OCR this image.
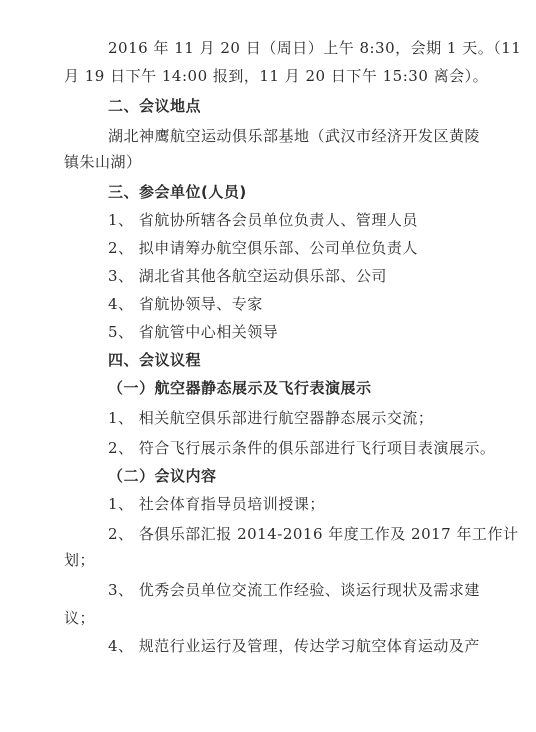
2016 年 11 月 20 日（周日）上午 8:30，会期 1 天。（11
月 19 日下午 14:00 报到，11 月 20 日下午 15:30 离会）。
二、会议地点
湖北神鹰航空运动俱乐部基地（武汉市经济开发区黄陵
镇朱山湖）
三、参会单位(人员)
1、 省航协所辖各会员单位负责人、管理人员
2、 拟申请筹办航空俱乐部、公司单位负责人
3、 湖北省其他各航空运动俱乐部、公司
4、 省航协领导、专家
5、 省航管中心相关领导
四、会议议程
（一）航空器静态展示及飞行表演展示
1、 相关航空俱乐部进行航空器静态展示交流；
2、 符合飞行展示条件的俱乐部进行飞行项目表演展示。
（二）会议内容
1、 社会体育指导员培训授课；
2、 各俱乐部汇报 2014-2016 年度工作及 2017 年工作计
划；
3、 优秀会员单位交流工作经验、谈运行现状及需求建
议；
4、 规范行业运行及管理，传达学习航空体育运动及产
